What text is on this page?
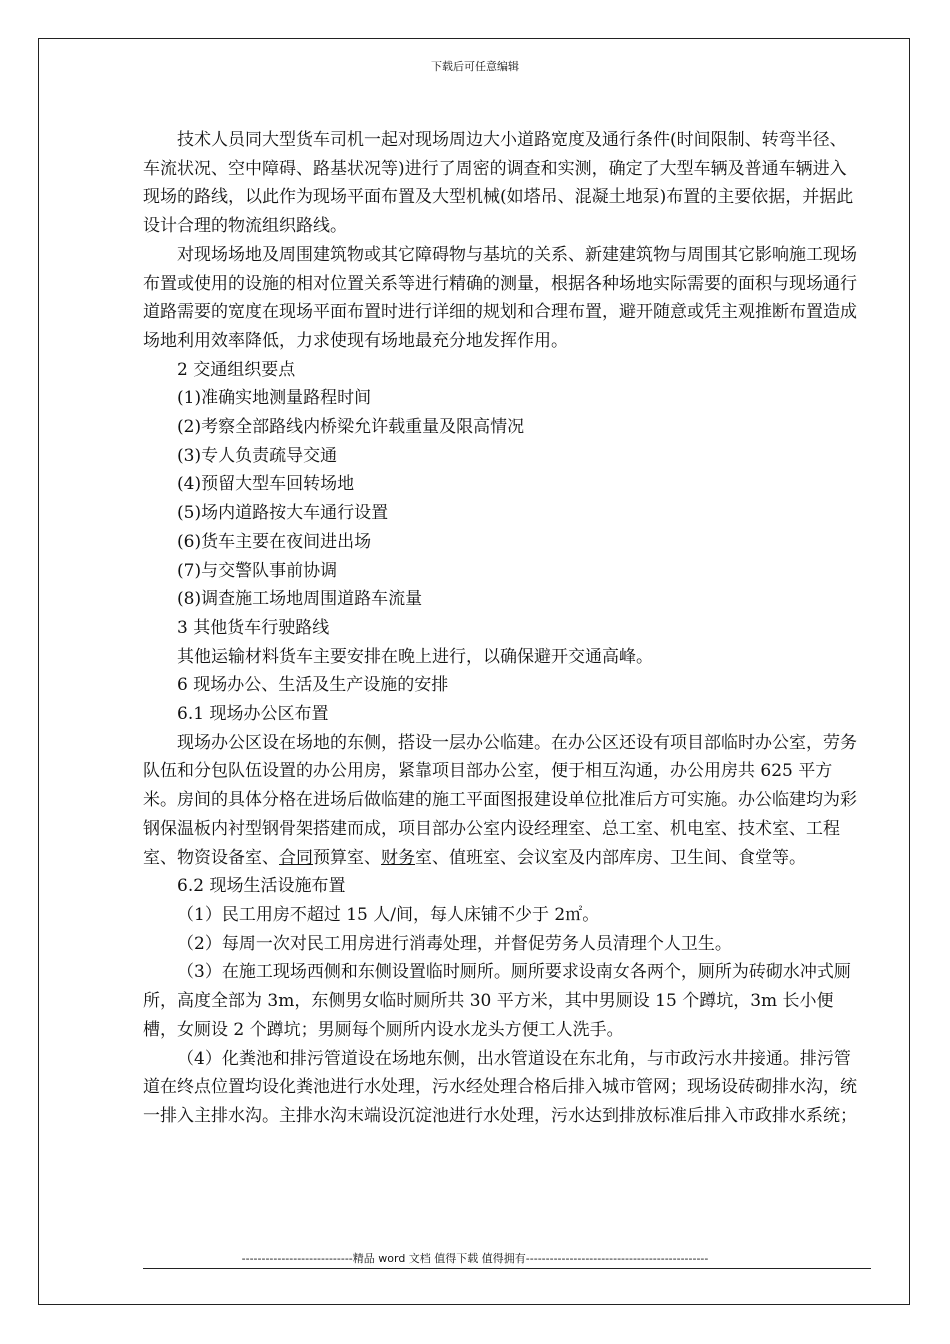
下载后可任意编辑

技术人员同大型货车司机一起对现场周边大小道路宽度及通行条件(时间限制、转弯半径、车流状况、空中障碍、路基状况等)进行了周密的调查和实测，确定了大型车辆及普通车辆进入现场的路线，以此作为现场平面布置及大型机械(如塔吊、混凝土地泵)布置的主要依据，并据此设计合理的物流组织路线。

对现场场地及周围建筑物或其它障碍物与基坑的关系、新建建筑物与周围其它影响施工现场布置或使用的设施的相对位置关系等进行精确的测量，根据各种场地实际需要的面积与现场通行道路需要的宽度在现场平面布置时进行详细的规划和合理布置，避开随意或凭主观推断布置造成场地利用效率降低，力求使现有场地最充分地发挥作用。

2 交通组织要点

(1)准确实地测量路程时间

(2)考察全部路线内桥梁允许载重量及限高情况

(3)专人负责疏导交通

(4)预留大型车回转场地

(5)场内道路按大车通行设置

(6)货车主要在夜间进出场

(7)与交警队事前协调

(8)调查施工场地周围道路车流量

3 其他货车行驶路线

其他运输材料货车主要安排在晚上进行，以确保避开交通高峰。

6 现场办公、生活及生产设施的安排

6.1 现场办公区布置

现场办公区设在场地的东侧，搭设一层办公临建。在办公区还设有项目部临时办公室，劳务队伍和分包队伍设置的办公用房，紧靠项目部办公室，便于相互沟通，办公用房共 625 平方米。房间的具体分格在进场后做临建的施工平面图报建设单位批准后方可实施。办公临建均为彩钢保温板内衬型钢骨架搭建而成，项目部办公室内设经理室、总工室、机电室、技术室、工程室、物资设备室、合同预算室、财务室、值班室、会议室及内部库房、卫生间、食堂等。

6.2 现场生活设施布置

（1）民工用房不超过 15 人/间，每人床铺不少于 2㎡。

（2）每周一次对民工用房进行消毒处理，并督促劳务人员清理个人卫生。

（3）在施工现场西侧和东侧设置临时厕所。厕所要求设南女各两个，厕所为砖砌水冲式厕所，高度全部为 3m，东侧男女临时厕所共 30 平方米，其中男厕设 15 个蹲坑，3m 长小便槽，女厕设 2 个蹲坑；男厕每个厕所内设水龙头方便工人洗手。

（4）化粪池和排污管道设在场地东侧，出水管道设在东北角，与市政污水井接通。排污管道在终点位置均设化粪池进行水处理，污水经处理合格后排入城市管网；现场设砖砌排水沟，统一排入主排水沟。主排水沟末端设沉淀池进行水处理，污水达到排放标准后排入市政排水系统；

----------------------------精品 word 文档 值得下载 值得拥有----------------------------------------------
